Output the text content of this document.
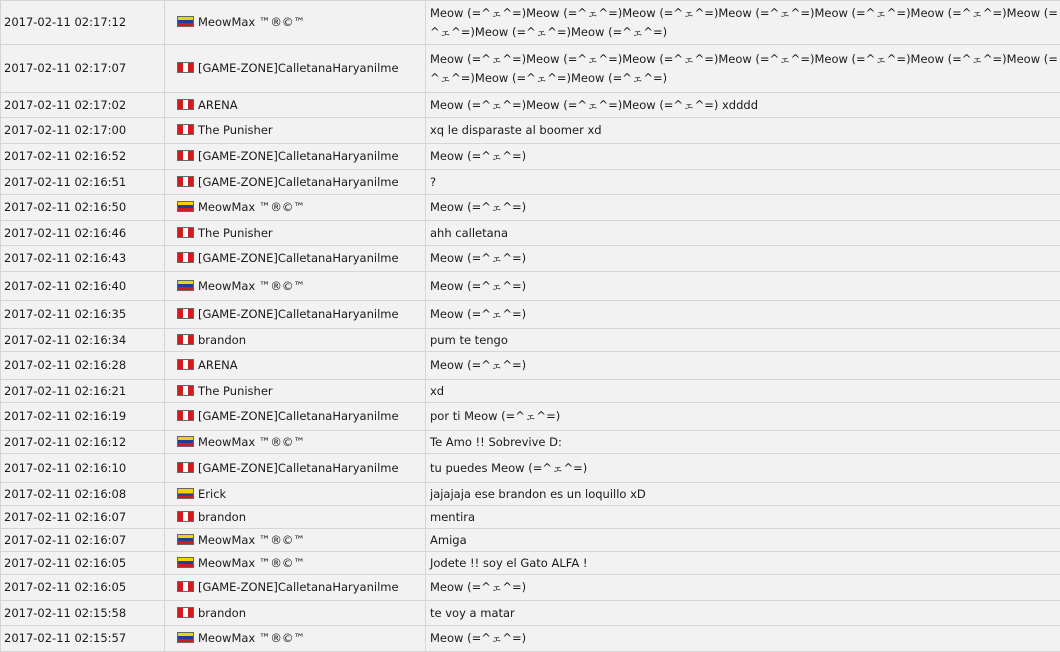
2017-02-11 02:17:12	MeowMax ™®©™	Meow (=^ェ^=)Meow (=^ェ^=)Meow (=^ェ^=)Meow (=^ェ^=)Meow (=^ェ^=)Meow (=^ェ^=)Meow (=^ェ^=)Meow (=^ェ^=)Meow (=^ェ^=)
2017-02-11 02:17:07	[GAME-ZONE]CalletanaHaryanilme	Meow (=^ェ^=)Meow (=^ェ^=)Meow (=^ェ^=)Meow (=^ェ^=)Meow (=^ェ^=)Meow (=^ェ^=)Meow (=^ェ^=)Meow (=^ェ^=)Meow (=^ェ^=)
2017-02-11 02:17:02	ARENA	Meow (=^ェ^=)Meow (=^ェ^=)Meow (=^ェ^=) xdddd
2017-02-11 02:17:00	The Punisher	xq le disparaste al boomer xd
2017-02-11 02:16:52	[GAME-ZONE]CalletanaHaryanilme	Meow (=^ェ^=)
2017-02-11 02:16:51	[GAME-ZONE]CalletanaHaryanilme	?
2017-02-11 02:16:50	MeowMax ™®©™	Meow (=^ェ^=)
2017-02-11 02:16:46	The Punisher	ahh calletana
2017-02-11 02:16:43	[GAME-ZONE]CalletanaHaryanilme	Meow (=^ェ^=)
2017-02-11 02:16:40	MeowMax ™®©™	Meow (=^ェ^=)
2017-02-11 02:16:35	[GAME-ZONE]CalletanaHaryanilme	Meow (=^ェ^=)
2017-02-11 02:16:34	brandon	pum te tengo
2017-02-11 02:16:28	ARENA	Meow (=^ェ^=)
2017-02-11 02:16:21	The Punisher	xd
2017-02-11 02:16:19	[GAME-ZONE]CalletanaHaryanilme	por ti Meow (=^ェ^=)
2017-02-11 02:16:12	MeowMax ™®©™	Te Amo !! Sobrevive D:
2017-02-11 02:16:10	[GAME-ZONE]CalletanaHaryanilme	tu puedes Meow (=^ェ^=)
2017-02-11 02:16:08	Erick	jajajaja ese brandon es un loquillo xD
2017-02-11 02:16:07	brandon	mentira
2017-02-11 02:16:07	MeowMax ™®©™	Amiga
2017-02-11 02:16:05	MeowMax ™®©™	Jodete !! soy el Gato ALFA !
2017-02-11 02:16:05	[GAME-ZONE]CalletanaHaryanilme	Meow (=^ェ^=)
2017-02-11 02:15:58	brandon	te voy a matar
2017-02-11 02:15:57	MeowMax ™®©™	Meow (=^ェ^=)
